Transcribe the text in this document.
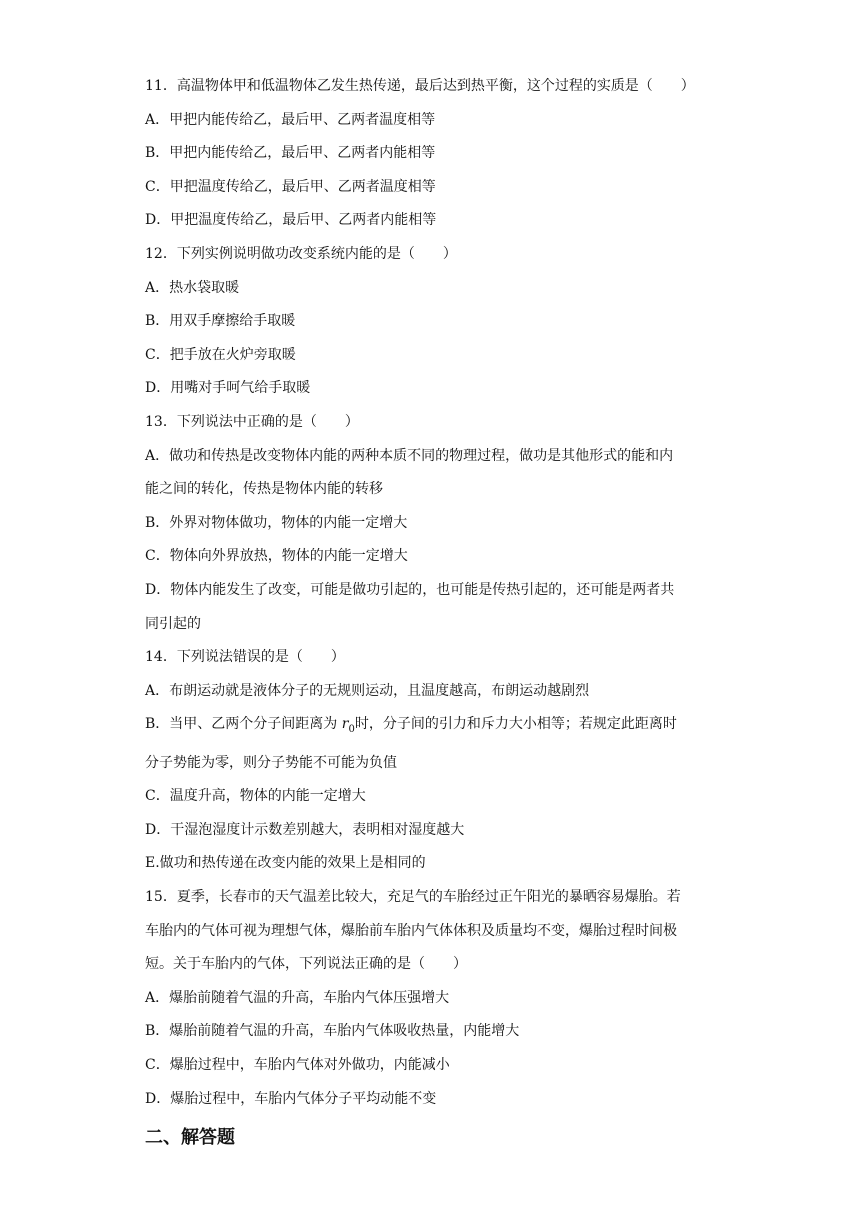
11．高温物体甲和低温物体乙发生热传递，最后达到热平衡，这个过程的实质是（　　）
A．甲把内能传给乙，最后甲、乙两者温度相等
B．甲把内能传给乙，最后甲、乙两者内能相等
C．甲把温度传给乙，最后甲、乙两者温度相等
D．甲把温度传给乙，最后甲、乙两者内能相等
12．下列实例说明做功改变系统内能的是（　　）
A．热水袋取暖
B．用双手摩擦给手取暖
C．把手放在火炉旁取暖
D．用嘴对手呵气给手取暖
13．下列说法中正确的是（　　）
A．做功和传热是改变物体内能的两种本质不同的物理过程，做功是其他形式的能和内
能之间的转化，传热是物体内能的转移
B．外界对物体做功，物体的内能一定增大
C．物体向外界放热，物体的内能一定增大
D．物体内能发生了改变，可能是做功引起的，也可能是传热引起的，还可能是两者共
同引起的
14．下列说法错误的是（　　）
A．布朗运动就是液体分子的无规则运动，且温度越高，布朗运动越剧烈
B．当甲、乙两个分子间距离为 $r_0$时，分子间的引力和斥力大小相等；若规定此距离时
分子势能为零，则分子势能不可能为负值
C．温度升高，物体的内能一定增大
D．干湿泡湿度计示数差别越大，表明相对湿度越大
E.做功和热传递在改变内能的效果上是相同的
15．夏季，长春市的天气温差比较大，充足气的车胎经过正午阳光的暴晒容易爆胎。若
车胎内的气体可视为理想气体，爆胎前车胎内气体体积及质量均不变，爆胎过程时间极
短。关于车胎内的气体，下列说法正确的是（　　）
A．爆胎前随着气温的升高，车胎内气体压强增大
B．爆胎前随着气温的升高，车胎内气体吸收热量，内能增大
C．爆胎过程中，车胎内气体对外做功，内能减小
D．爆胎过程中，车胎内气体分子平均动能不变
二、解答题
